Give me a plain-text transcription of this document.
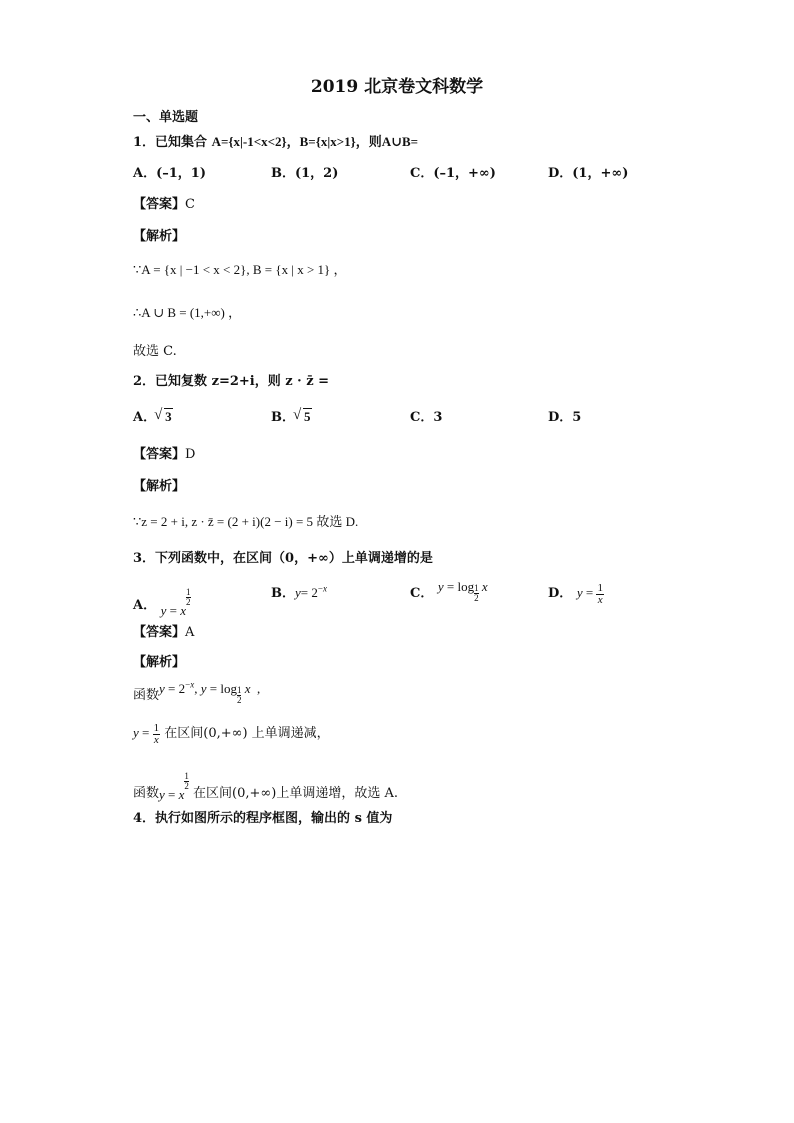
2019 北京卷文科数学
一、单选题
1．已知集合 A={x|-1<x<2}，B={x|x>1}，则A∪B=
A．(–1，1)	B．(1，2)	C．(–1，+∞)	D．(1，+∞)
【答案】C
【解析】
∵A = {x | −1 < x < 2}, B = {x | x > 1} ，
∴A ∪ B = (1,+∞) ，
故选 C.
2．已知复数 z=2+i，则 z · z̄ =
A． √ 3	B． √ 5	C．3	D．5
【答案】D
【解析】
∵z = 2 + i, z · z̄ = (2 + i)(2 − i) = 5 故选 D.
3．下列函数中，在区间（0，+∞）上单调递增的是
A． y = x
$^{\frac{1}{2}}$	B．$y= 2^{-x}$	C． y = log $_{\frac{1}{2}}$ x	D． $y = \frac{1}{x}$
【答案】A
【解析】
函数$y = 2^{-x}$, y = log $_{\frac{1}{2}}$ x  ,
$y = \frac{1}{x}$ 在区间(0,+∞) 上单调递减，
函数y = x
$^{\frac{1}{2}}$
在区间(0,+∞)上单调递增，故选 A.
4．执行如图所示的程序框图，输出的 s 值为
